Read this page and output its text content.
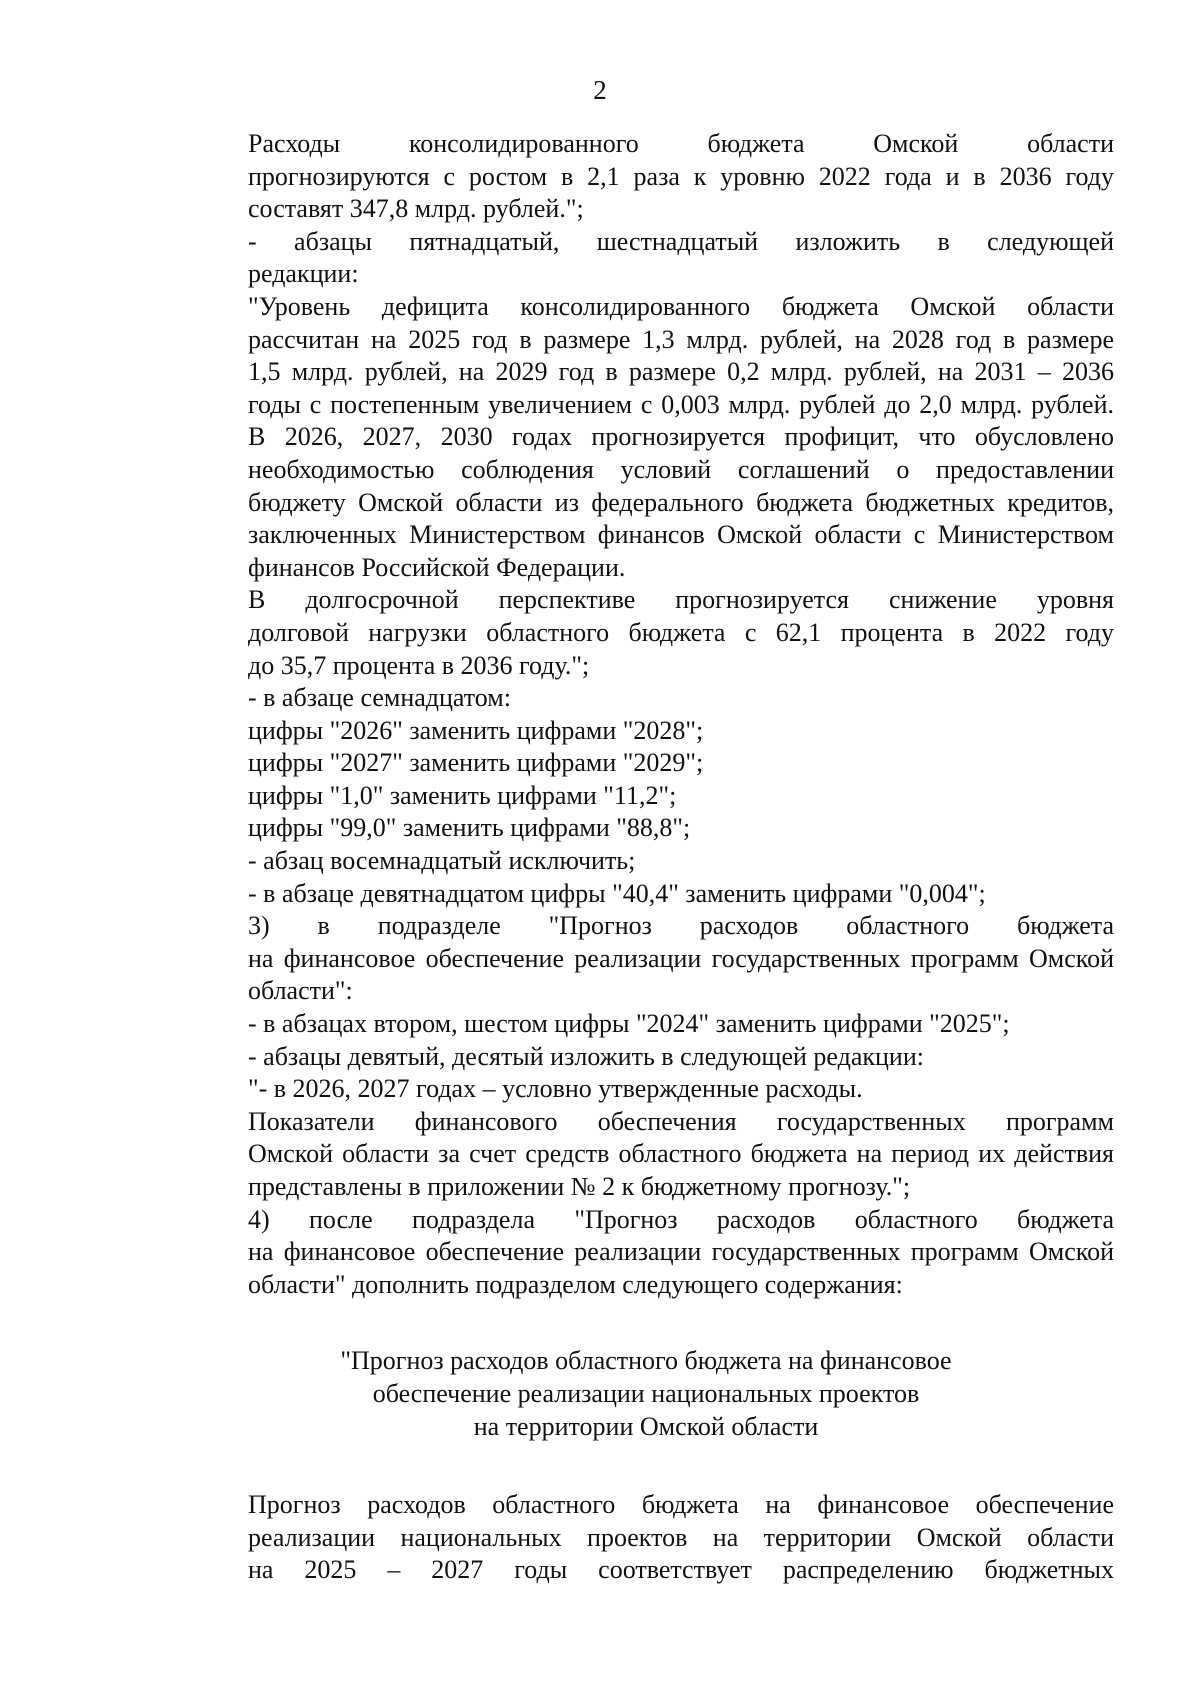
2

Расходы консолидированного бюджета Омской области
прогнозируются с ростом в 2,1 раза к уровню 2022 года и в 2036 году
составят 347,8 млрд. рублей.";

- абзацы пятнадцатый, шестнадцатый изложить в следующей
редакции:

"Уровень дефицита консолидированного бюджета Омской области
рассчитан на 2025 год в размере 1,3 млрд. рублей, на 2028 год в размере
1,5 млрд. рублей, на 2029 год в размере 0,2 млрд. рублей, на 2031 – 2036
годы с постепенным увеличением с 0,003 млрд. рублей до 2,0 млрд. рублей.
В 2026, 2027, 2030 годах прогнозируется профицит, что обусловлено
необходимостью соблюдения условий соглашений о предоставлении
бюджету Омской области из федерального бюджета бюджетных кредитов,
заключенных Министерством финансов Омской области с Министерством
финансов Российской Федерации.

В долгосрочной перспективе прогнозируется снижение уровня
долговой нагрузки областного бюджета с 62,1 процента в 2022 году
до 35,7 процента в 2036 году.";

- в абзаце семнадцатом:

цифры "2026" заменить цифрами "2028";

цифры "2027" заменить цифрами "2029";

цифры "1,0" заменить цифрами "11,2";

цифры "99,0" заменить цифрами "88,8";

- абзац восемнадцатый исключить;

- в абзаце девятнадцатом цифры "40,4" заменить цифрами "0,004";

3) в подразделе "Прогноз расходов областного бюджета
на финансовое обеспечение реализации государственных программ Омской
области":

- в абзацах втором, шестом цифры "2024" заменить цифрами "2025";

- абзацы девятый, десятый изложить в следующей редакции:

"- в 2026, 2027 годах – условно утвержденные расходы.

Показатели финансового обеспечения государственных программ
Омской области за счет средств областного бюджета на период их действия
представлены в приложении № 2 к бюджетному прогнозу.";

4) после подраздела "Прогноз расходов областного бюджета
на финансовое обеспечение реализации государственных программ Омской
области" дополнить подразделом следующего содержания:

"Прогноз расходов областного бюджета на финансовое
обеспечение реализации национальных проектов
на территории Омской области

Прогноз расходов областного бюджета на финансовое обеспечение
реализации национальных проектов на территории Омской области
на 2025 – 2027 годы соответствует распределению бюджетных
